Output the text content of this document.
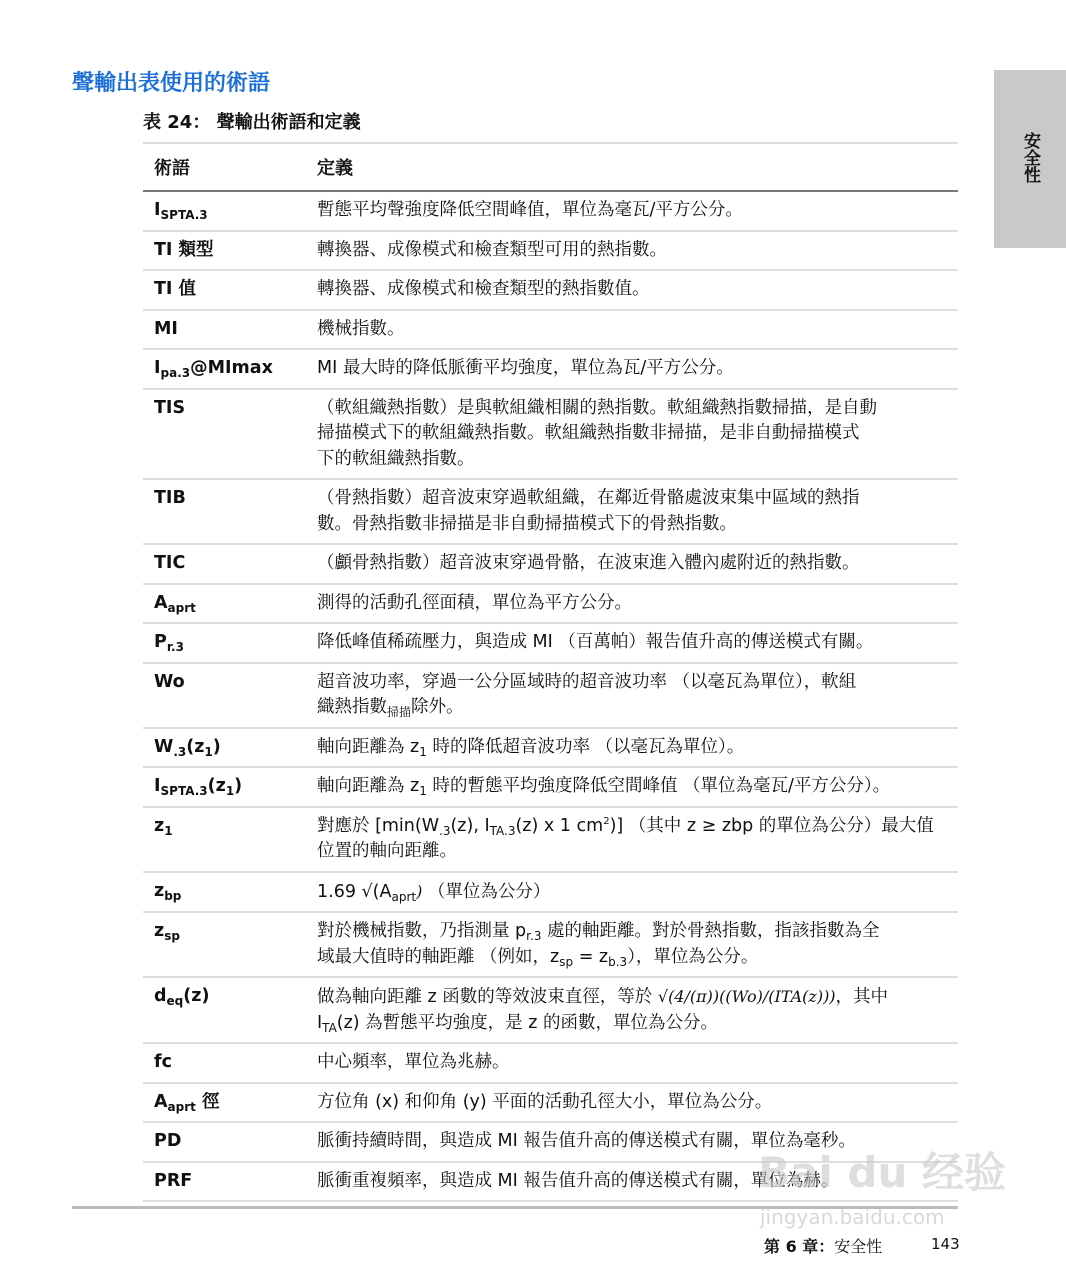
聲輸出表使用的術語
表 24： 聲輸出術語和定義
安全性
術語	定義
$I_{SPTA.3}$	暫態平均聲強度降低空間峰值，單位為毫瓦/平方公分。

TI 類型	轉換器、成像模式和檢查類型可用的熱指數。

TI 值	轉換器、成像模式和檢查類型的熱指數值。

MI	機械指數。

$I_{pa.3}@MImax$	MI 最大時的降低脈衝平均強度，單位為瓦/平方公分。

TIS	（軟組織熱指數）是與軟組織相關的熱指數。軟組織熱指數掃描，是自動
掃描模式下的軟組織熱指數。軟組織熱指數非掃描，是非自動掃描模式
下的軟組織熱指數。

TIB	（骨熱指數）超音波束穿過軟組織，在鄰近骨骼處波束集中區域的熱指
數。骨熱指數非掃描是非自動掃描模式下的骨熱指數。

TIC	（顱骨熱指數）超音波束穿過骨骼，在波束進入體內處附近的熱指數。

$A_{aprt}$	測得的活動孔徑面積，單位為平方公分。

$P_{r.3}$	降低峰值稀疏壓力，與造成 MI （百萬帕）報告值升高的傳送模式有關。

Wo	超音波功率，穿過一公分區域時的超音波功率 （以毫瓦為單位），軟組
織熱指數$_{掃描}$除外。

$W_{.3}(z_1)$	軸向距離為 $z_1$ 時的降低超音波功率 （以毫瓦為單位）。

$I_{SPTA.3}(z_1)$	軸向距離為 $z_1$ 時的暫態平均強度降低空間峰值 （單位為毫瓦/平方公分）。

$z_1$	對應於 [$\min(W_{.3}(z)$, $I_{TA.3}(z)$ x 1 $cm^2$)] （其中 z ≥ zbp 的單位為公分）最大值
位置的軸向距離。

$z_{bp}$	1.69 $√(A_{aprt})$ （單位為公分）

$z_{sp}$	對於機械指數，乃指測量 $p_{r.3}$ 處的軸距離。對於骨熱指數，指該指數為全
域最大值時的軸距離 （例如，$z_{sp} = z_{b.3}$），單位為公分。

$d_{eq}(z)$	做為軸向距離 z 函數的等效波束直徑，等於 √(4/(π))((Wo)/(ITA(z)))，其中
$I_{TA}(z)$ 為暫態平均強度，是 z 的函數，單位為公分。

fc	中心頻率，單位為兆赫。

$A_{aprt}$ 徑	方位角 (x) 和仰角 (y) 平面的活動孔徑大小，單位為公分。

PD	脈衝持續時間，與造成 MI 報告值升高的傳送模式有關，單位為毫秒。

PRF	脈衝重複頻率，與造成 MI 報告值升高的傳送模式有關，單位為赫。
第 6 章：安全性	143
Bai du 经验
jingyan.baidu.com
